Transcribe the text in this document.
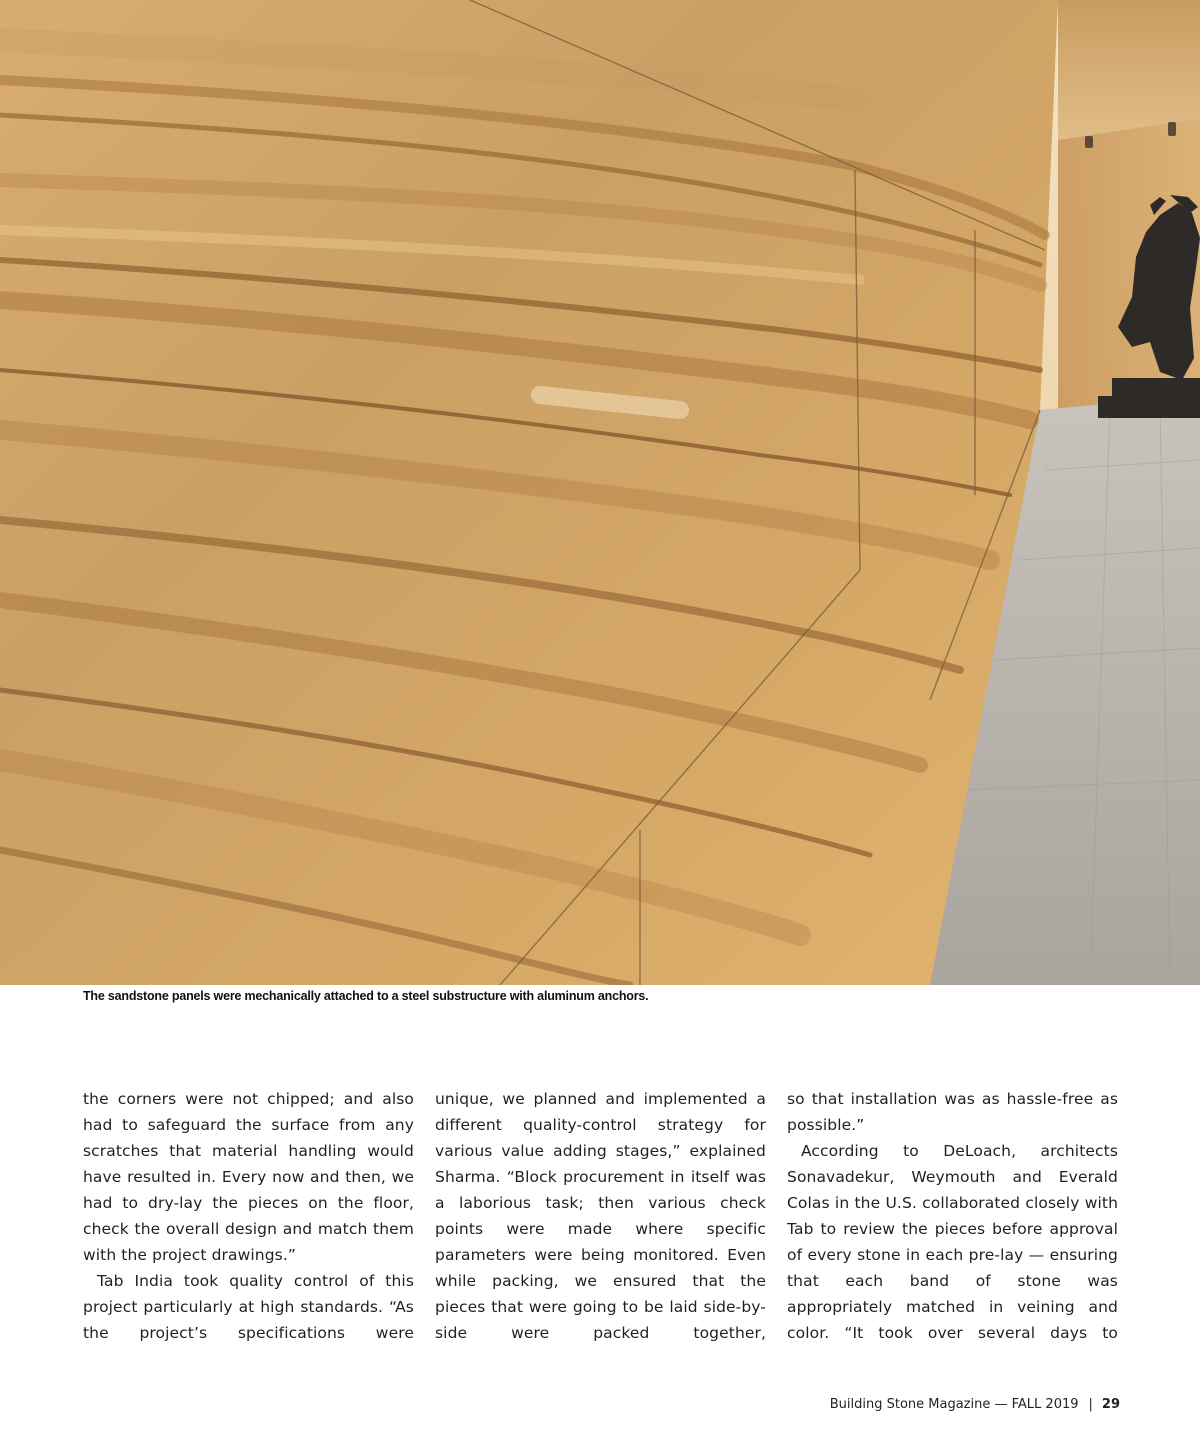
The sandstone panels were mechanically attached to a steel substructure with aluminum anchors.

the corners were not chipped; and also had to safeguard the surface from any scratches that material handling would have resulted in. Every now and then, we had to dry-lay the pieces on the floor, check the overall design and match them with the project drawings.”

Tab India took quality control of this project particularly at high standards. “As the project’s specifications were

unique, we planned and implemented a different quality-control strategy for various value adding stages,” explained Sharma. “Block procurement in itself was a laborious task; then various check points were made where specific parameters were being monitored. Even while packing, we ensured that the pieces that were going to be laid side-by-side were packed together,

so that installation was as hassle-free as possible.”

According to DeLoach, architects Sonavadekur, Weymouth and Everald Colas in the U.S. collaborated closely with Tab to review the pieces before approval of every stone in each pre-lay — ensuring that each band of stone was appropriately matched in veining and color. “It took over several days to

Building Stone Magazine — FALL 2019 | 29
